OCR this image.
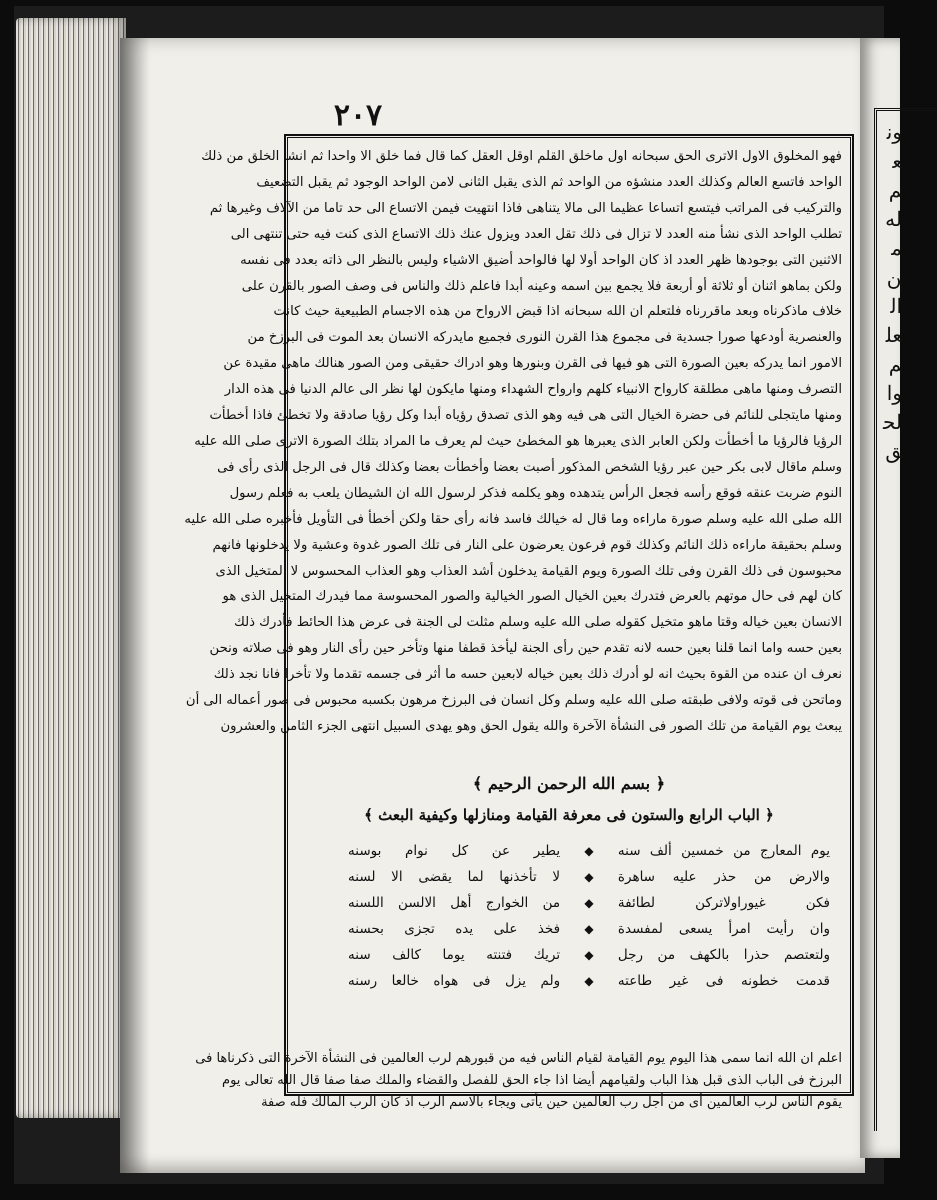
ونعم له من العلم والحق
٢٠٧
فهو المخلوق الاول الاترى الحق سبحانه اول ماخلق القلم اوقل العقل كما قال فما خلق الا واحدا ثم انشا الخلق من ذلك
الواحد فاتسع العالم وكذلك العدد منشؤه من الواحد ثم الذى يقبل الثانى لامن الواحد الوجود ثم يقبل التضعيف
والتركيب فى المراتب فيتسع اتساعا عظيما الى مالا يتناهى فاذا انتهيت فيمن الاتساع الى حد تاما من الآلاف وغيرها ثم
تطلب الواحد الذى نشأ منه العدد لا تزال فى ذلك تقل العدد ويزول عنك ذلك الاتساع الذى كنت فيه حتى تنتهى الى
الاثنين التى بوجودها ظهر العدد اذ كان الواحد أولا لها فالواحد أضيق الاشياء وليس بالنظر الى ذاته بعدد فى نفسه
ولكن بماهو اثنان أو ثلاثة أو أربعة فلا يجمع بين اسمه وعينه أبدا فاعلم ذلك والناس فى وصف الصور بالقرن على
خلاف ماذكرناه وبعد ماقررناه فلتعلم ان الله سبحانه اذا قبض الارواح من هذه الاجسام الطبيعية حيث كانت
والعنصرية أودعها صورا جسدية فى مجموع هذا القرن النورى فجميع مايدركه الانسان بعد الموت فى البرزخ من
الامور انما يدركه بعين الصورة التى هو فيها فى القرن وبنورها وهو ادراك حقيقى ومن الصور هنالك ماهى مقيدة عن
التصرف ومنها ماهى مطلقة كارواح الانبياء كلهم وارواح الشهداء ومنها مايكون لها نظر الى عالم الدنيا فى هذه الدار
ومنها مايتجلى للنائم فى حضرة الخيال التى هى فيه وهو الذى تصدق رؤياه أبدا وكل رؤيا صادقة ولا تخطئ فاذا أخطأت
الرؤيا فالرؤيا ما أخطأت ولكن العابر الذى يعبرها هو المخطئ حيث لم يعرف ما المراد بتلك الصورة الاترى صلى الله عليه
وسلم ماقال لابى بكر حين عبر رؤيا الشخص المذكور أصبت بعضا وأخطأت بعضا وكذلك قال فى الرجل الذى رأى فى
النوم ضربت عنقه فوقع رأسه فجعل الرأس يتدهده وهو يكلمه فذكر لرسول الله ان الشيطان يلعب به فعلم رسول
الله صلى الله عليه وسلم صورة ماراءه وما قال له خيالك فاسد فانه رأى حقا ولكن أخطأ فى التأويل فأخبره صلى الله عليه
وسلم بحقيقة ماراءه ذلك النائم وكذلك قوم فرعون يعرضون على النار فى تلك الصور غدوة وعشية ولا يدخلونها فانهم
محبوسون فى ذلك القرن وفى تلك الصورة ويوم القيامة يدخلون أشد العذاب وهو العذاب المحسوس لا المتخيل الذى
كان لهم فى حال موتهم بالعرض فتدرك بعين الخيال الصور الخيالية والصور المحسوسة مما فيدرك المتخيل الذى هو
الانسان بعين خياله وقتا ماهو متخيل كقوله صلى الله عليه وسلم مثلت لى الجنة فى عرض هذا الحائط فأدرك ذلك
بعين حسه واما انما قلنا بعين حسه لانه تقدم حين رأى الجنة ليأخذ قطفا منها وتأخر حين رأى النار وهو فى صلاته ونحن
نعرف ان عنده من القوة بحيث انه لو أدرك ذلك بعين خياله لابعين حسه ما أثر فى جسمه تقدما ولا تأخرا فانا نجد ذلك
وماتحن فى قوته ولافى طبقته صلى الله عليه وسلم وكل انسان فى البرزخ مرهون بكسبه محبوس فى صور أعماله الى أن
يبعث يوم القيامة من تلك الصور فى النشأة الآخرة والله يقول الحق وهو يهدى السبيل انتهى الجزء الثامن والعشرون
﴿ بسم الله الرحمن الرحيم ﴾
﴿ الباب الرابع والستون فى معرفة القيامة ومنازلها وكيفية البعث ﴾
يوم المعارج من خمسين ألف سنه
◆
يطير عن كل نوام بوسنه
والارض من حذر عليه ساهرة
◆
لا تأخذنها لما يقضى الا لسنه
فكن غيوراولاتركن لطائفة
◆
من الخوارج أهل الالسن اللسنه
وان رأيت امرأ يسعى لمفسدة
◆
فخذ على يده تجزى بحسنه
ولتعتصم حذرا بالكهف من رجل
◆
تريك فتنته يوما كالف سنه
قدمت خطونه فى غير طاعته
◆
ولم يزل فى هواه خالعا رسنه
اعلم ان الله انما سمى هذا اليوم يوم القيامة لقيام الناس فيه من قبورهم لرب العالمين فى النشأة الآخرة التى ذكرناها فى
البرزخ فى الباب الذى قبل هذا الباب ولقيامهم أيضا اذا جاء الحق للفصل والقضاء والملك صفا صفا قال الله تعالى يوم
يقوم الناس لرب العالمين أى من أجل رب العالمين حين يأتى ويجاء بالاسم الرب اذ كان الرب المالك فله صفة
